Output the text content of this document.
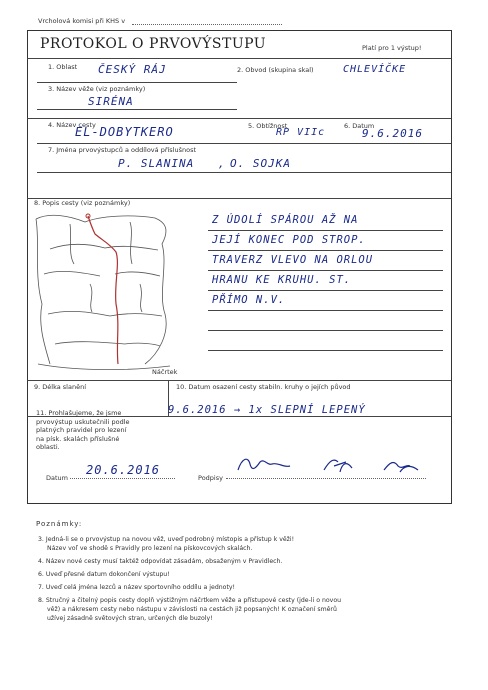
Vrcholová komisi při KHS v
PROTOKOL O PRVOVÝSTUPU	Platí pro 1 výstup!
1. Oblast ČESKÝ RÁJ	2. Obvod (skupina skal)	CHLEVÍČKE
3. Název věže (viz poznámky)
SIRÉNA
4. Název cesty
EL-DOBYTKERO	5. Obtížnost
RP VIIc
6. Datum
9.6.2016
7. Jména prvovýstupců a oddílová příslušnost
P. SLANINA , O. SOJKA
8. Popis cesty (viz poznámky)
Náčrtek
Z ÚDOLÍ SPÁROU AŽ NA
JEJÍ KONEC POD STROP.
TRAVERZ VLEVO NA ORLOU
HRANU KE KRUHU. ST.
PŘÍMO N.V.
9. Délka slanění	10. Datum osazení cesty stabiln. kruhy o jejích původ
9.6.2016 → 1x SLEPNÍ LEPENÝ
11. Prohlašujeme, že jsme prvovýstup uskutečnili podle platných pravidel pro lezení na písk. skalách příslušné oblasti.
Datum
20.6.2016
Podpisy
Poznámky:
3. Jedná-li se o prvovýstup na novou věž, uveď podrobný místopis a přístup k věži!
Název voľ ve shodě s Pravidly pro lezení na pískovcových skalách.
4. Název nové cesty musí taktéž odpovídat zásadám, obsaženým v Pravidlech.
6. Uveď přesné datum dokončení výstupu!
7. Uveď celá jména lezců a název sportovního oddílu a jednoty!
8. Stručný a čitelný popis cesty doplň výstižným náčrtkem věže a přístupové cesty (jde-li o novou
věž) a nákresem cesty nebo nástupu v závislosti na cestách již popsaných! K označení směrů
užívej zásadně světových stran, určených dle buzoly!
